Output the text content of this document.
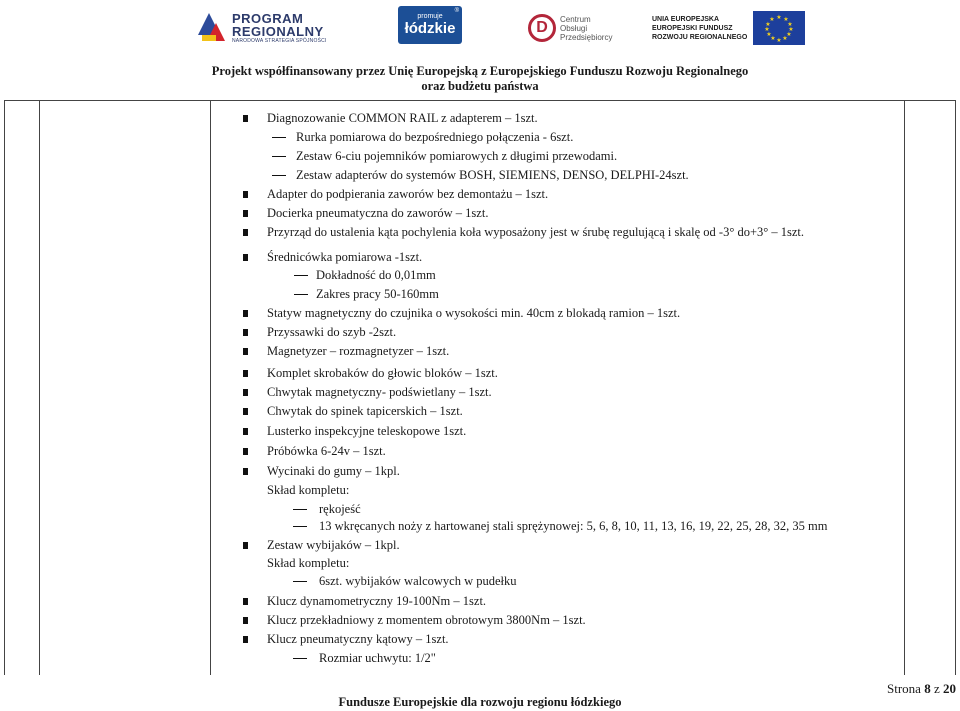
PROGRAM
REGIONALNY
NARODOWA STRATEGIA SPÓJNOŚCI
®
promuje
łódzkie	D	Centrum
Obsługi
Przedsiębiorcy
UNIA EUROPEJSKA
EUROPEJSKI FUNDUSZ
ROZWOJU REGIONALNEGO
★ ★
★
★
★
★
★
★
★
★
★
★
Projekt współfinansowany przez Unię Europejską z Europejskiego Funduszu Rozwoju Regionalnego
oraz budżetu państwa
Diagnozowanie COMMON RAIL z adapterem – 1szt.
Rurka pomiarowa do bezpośredniego połączenia - 6szt.
Zestaw 6-ciu pojemników pomiarowych z długimi przewodami.
Zestaw adapterów do systemów BOSH, SIEMIENS, DENSO, DELPHI-24szt.
Adapter do podpierania zaworów bez demontażu – 1szt.
Docierka pneumatyczna do zaworów – 1szt.
Przyrząd do ustalenia kąta pochylenia koła wyposażony jest w śrubę regulującą i skalę od -3° do+3° – 1szt.
Średnicówka pomiarowa -1szt.
Dokładność do 0,01mm
Zakres pracy 50-160mm
Statyw magnetyczny do czujnika o wysokości min. 40cm z blokadą ramion – 1szt.
Przyssawki do szyb -2szt.
Magnetyzer – rozmagnetyzer – 1szt.
Komplet skrobaków do głowic bloków – 1szt.
Chwytak magnetyczny- podświetlany – 1szt.
Chwytak do spinek tapicerskich – 1szt.
Lusterko inspekcyjne teleskopowe 1szt.
Próbówka 6-24v – 1szt.
Wycinaki do gumy – 1kpl.
Skład kompletu:
rękojeść
13 wkręcanych noży z hartowanej stali sprężynowej: 5, 6, 8, 10, 11, 13, 16, 19, 22, 25, 28, 32, 35 mm
Zestaw wybijaków – 1kpl.
Skład kompletu:
6szt. wybijaków walcowych w pudełku
Klucz dynamometryczny 19-100Nm – 1szt.
Klucz przekładniowy z momentem obrotowym 3800Nm – 1szt.
Klucz pneumatyczny kątowy – 1szt.
Rozmiar uchwytu: 1/2"
Fundusze Europejskie dla rozwoju regionu łódzkiego
Strona 8 z 20
